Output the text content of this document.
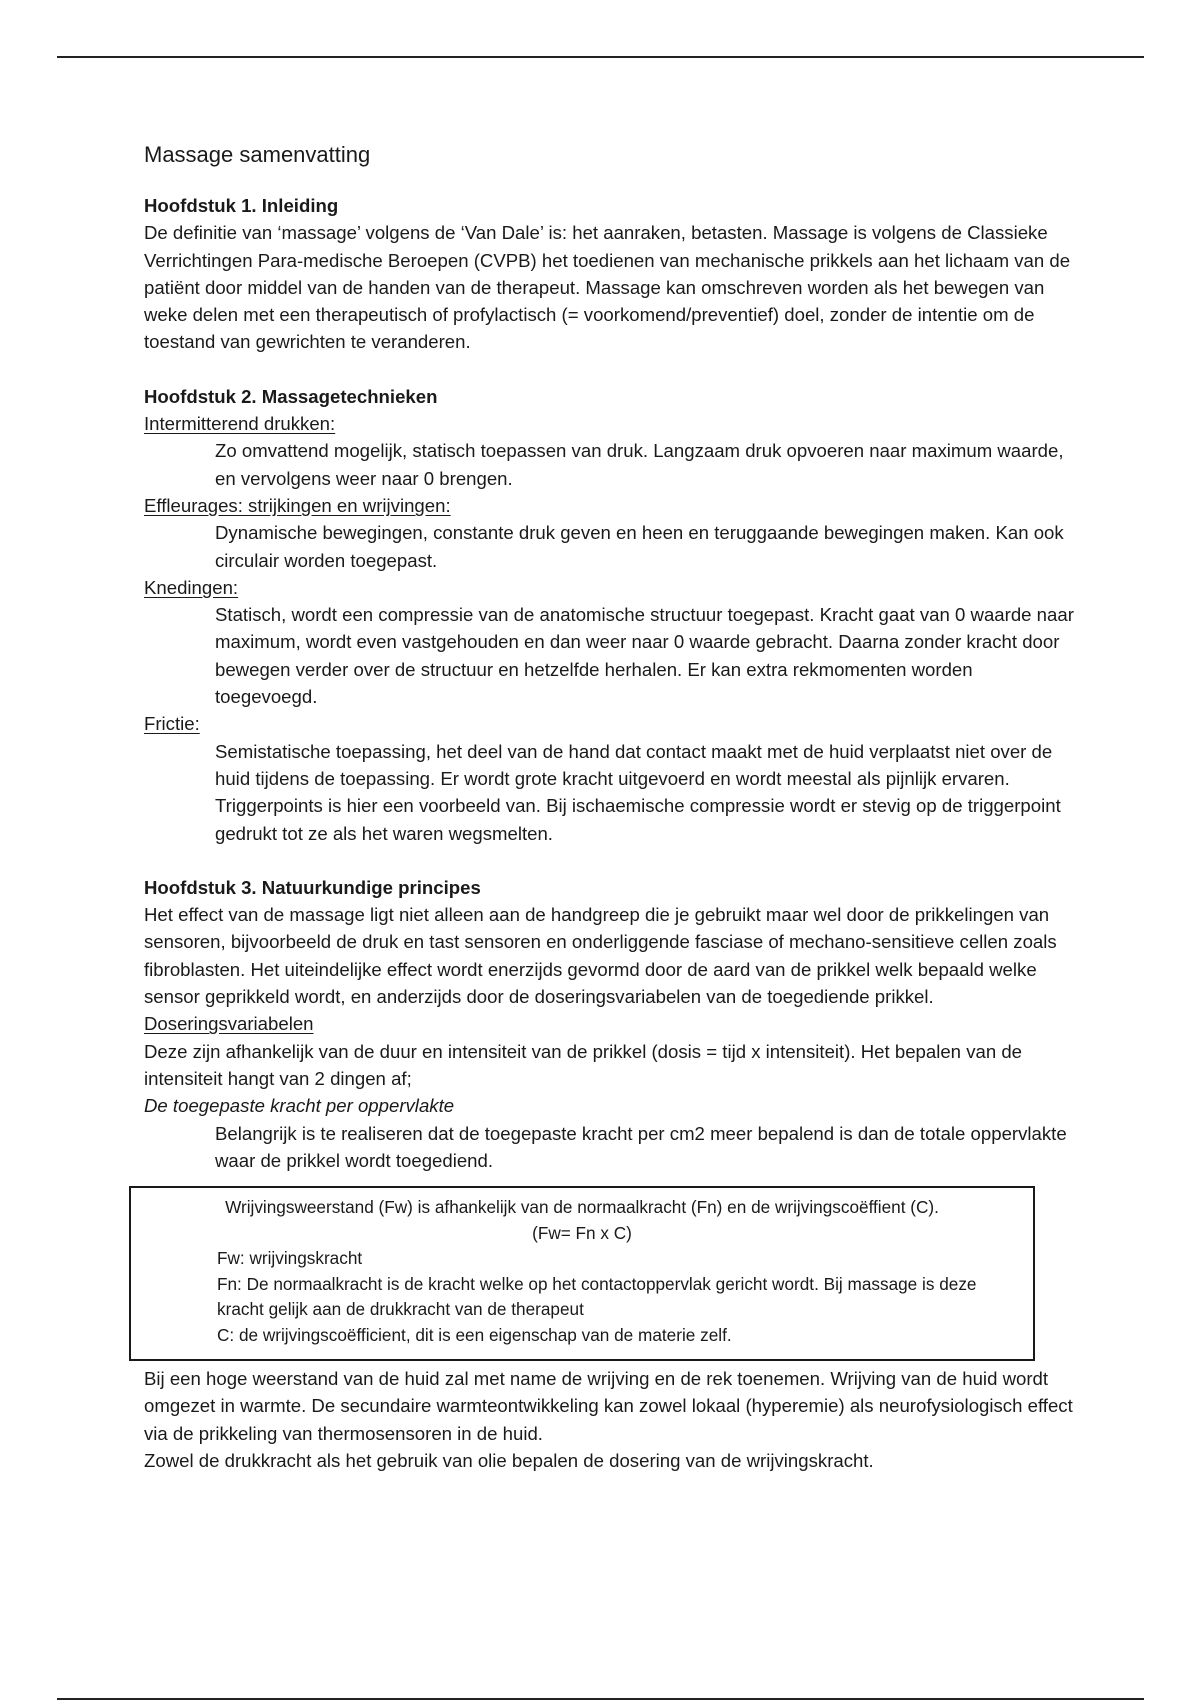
Massage samenvatting
Hoofdstuk 1. Inleiding
De definitie van ‘massage’ volgens de ‘Van Dale’ is: het aanraken, betasten. Massage is volgens de Classieke Verrichtingen Para-medische Beroepen (CVPB) het toedienen van mechanische prikkels aan het lichaam van de patiënt door middel van de handen van de therapeut. Massage kan omschreven worden als het bewegen van weke delen met een therapeutisch of profylactisch (= voorkomend/preventief) doel, zonder de intentie om de toestand van gewrichten te veranderen.
Hoofdstuk 2. Massagetechnieken
Intermitterend drukken:
Zo omvattend mogelijk, statisch toepassen van druk. Langzaam druk opvoeren naar maximum waarde, en vervolgens weer naar 0 brengen.
Effleurages: strijkingen en wrijvingen:
Dynamische bewegingen, constante druk geven en heen en teruggaande bewegingen maken. Kan ook circulair worden toegepast.
Knedingen:
Statisch, wordt een compressie van de anatomische structuur toegepast. Kracht gaat van 0 waarde naar maximum, wordt even vastgehouden en dan weer naar 0 waarde gebracht. Daarna zonder kracht door bewegen verder over de structuur en hetzelfde herhalen. Er kan extra rekmomenten worden toegevoegd.
Frictie:
Semistatische toepassing, het deel van de hand dat contact maakt met de huid verplaatst niet over de huid tijdens de toepassing. Er wordt grote kracht uitgevoerd en wordt meestal als pijnlijk ervaren. Triggerpoints is hier een voorbeeld van. Bij ischaemische compressie wordt er stevig op de triggerpoint gedrukt tot ze als het waren wegsmelten.
Hoofdstuk 3. Natuurkundige principes
Het effect van de massage ligt niet alleen aan de handgreep die je gebruikt maar wel door de prikkelingen van sensoren, bijvoorbeeld de druk en tast sensoren en onderliggende fasciase of mechano-sensitieve cellen zoals fibroblasten. Het uiteindelijke effect wordt enerzijds gevormd door de aard van de prikkel welk bepaald welke sensor geprikkeld wordt, en anderzijds door de doseringsvariabelen van de toegediende prikkel.
Doseringsvariabelen
Deze zijn afhankelijk van de duur en intensiteit van de prikkel (dosis = tijd x intensiteit). Het bepalen van de intensiteit hangt van 2 dingen af;
De toegepaste kracht per oppervlakte
Belangrijk is te realiseren dat de toegepaste kracht per cm2 meer bepalend is dan de totale oppervlakte waar de prikkel wordt toegediend.
Wrijvingsweerstand (Fw) is afhankelijk van de normaalkracht (Fn) en de wrijvingscoëffient (C).
(Fw= Fn x C)
Fw: wrijvingskracht
Fn: De normaalkracht is de kracht welke op het contactoppervlak gericht wordt. Bij massage is deze kracht gelijk aan de drukkracht van de therapeut
C: de wrijvingscoëfficient, dit is een eigenschap van de materie zelf.
Bij een hoge weerstand van de huid zal met name de wrijving en de rek toenemen. Wrijving van de huid wordt omgezet in warmte. De secundaire warmteontwikkeling kan zowel lokaal (hyperemie) als neurofysiologisch effect via de prikkeling van thermosensoren in de huid.
Zowel de drukkracht als het gebruik van olie bepalen de dosering van de wrijvingskracht.
